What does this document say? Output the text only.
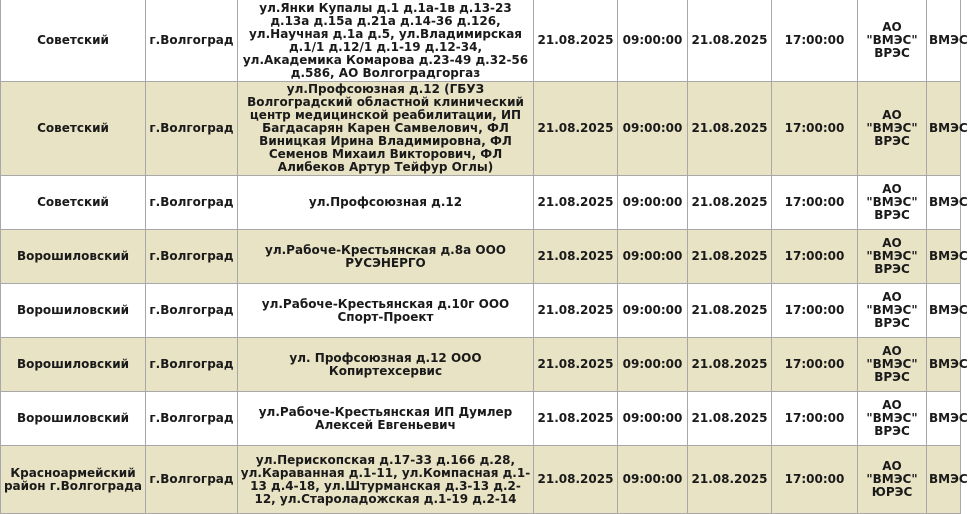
Советский	г.Волгоград	ул.Янки Купалы д.1 д.1а-1в д.13-23 д.13а д.15а д.21а д.14-36 д.126, ул.Научная д.1а д.5, ул.Владимирская д.1/1 д.12/1 д.1-19 д.12-34, ул.Академика Комарова д.23-49 д.32-56 д.586, АО Волгоградгоргаз	21.08.2025	09:00:00	21.08.2025	17:00:00	АО "ВМЭС" ВРЭС	ВМЭС
Советский	г.Волгоград	ул.Профсоюзная д.12 (ГБУЗ Волгоградский областной клинический центр медицинской реабилитации, ИП Багдасарян Карен Самвелович, ФЛ Виницкая Ирина Владимировна, ФЛ Семенов Михаил Викторович, ФЛ Алибеков Артур Тейфур Оглы)	21.08.2025	09:00:00	21.08.2025	17:00:00	АО "ВМЭС" ВРЭС	ВМЭС
Советский	г.Волгоград	ул.Профсоюзная д.12	21.08.2025	09:00:00	21.08.2025	17:00:00	АО "ВМЭС" ВРЭС	ВМЭС
Ворошиловский	г.Волгоград	ул.Рабоче-Крестьянская д.8а ООО РУСЭНЕРГО	21.08.2025	09:00:00	21.08.2025	17:00:00	АО "ВМЭС" ВРЭС	ВМЭС
Ворошиловский	г.Волгоград	ул.Рабоче-Крестьянская д.10г ООО Спорт-Проект	21.08.2025	09:00:00	21.08.2025	17:00:00	АО "ВМЭС" ВРЭС	ВМЭС
Ворошиловский	г.Волгоград	ул. Профсоюзная д.12 ООО Копиртехсервис	21.08.2025	09:00:00	21.08.2025	17:00:00	АО "ВМЭС" ВРЭС	ВМЭС
Ворошиловский	г.Волгоград	ул.Рабоче-Крестьянская ИП Думлер Алексей Евгеньевич	21.08.2025	09:00:00	21.08.2025	17:00:00	АО "ВМЭС" ВРЭС	ВМЭС
Красноармейский район г.Волгограда	г.Волгоград	ул.Перископская д.17-33 д.166 д.28, ул.Караванная д.1-11, ул.Компасная д.1-13 д.4-18, ул.Штурманская д.3-13 д.2-12, ул.Староладожская д.1-19 д.2-14	21.08.2025	09:00:00	21.08.2025	17:00:00	АО "ВМЭС" ЮРЭС	ВМЭС
